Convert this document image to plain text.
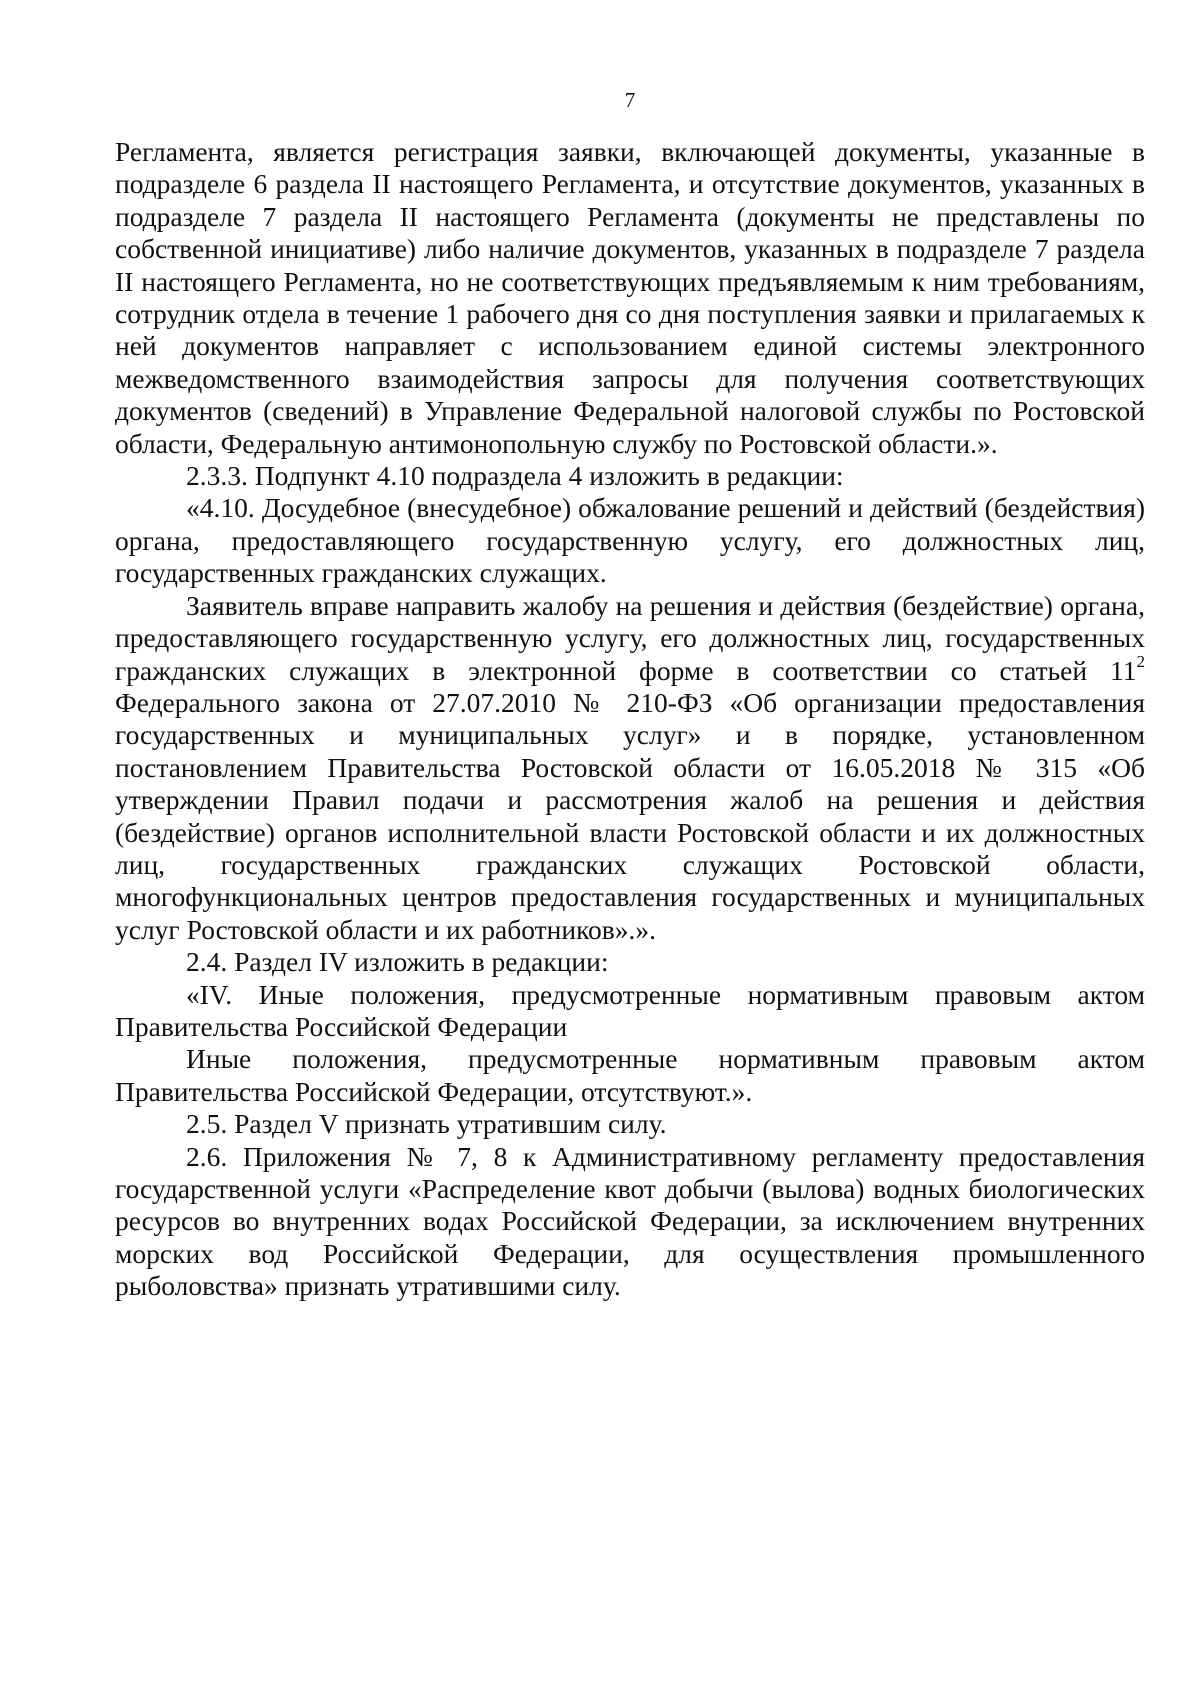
7

Регламента, является регистрация заявки, включающей документы, указанные в подразделе 6 раздела II настоящего Регламента, и отсутствие документов, указанных в подразделе 7 раздела II настоящего Регламента (документы не представлены по собственной инициативе) либо наличие документов, указанных в подразделе 7 раздела II настоящего Регламента, но не соответствующих предъявляемым к ним требованиям, сотрудник отдела в течение 1 рабочего дня со дня поступления заявки и прилагаемых к ней документов направляет с использованием единой системы электронного межведомственного взаимодействия запросы для получения соответствующих документов (сведений) в Управление Федеральной налоговой службы по Ростовской области, Федеральную антимонопольную службу по Ростовской области.».

2.3.3. Подпункт 4.10 подраздела 4 изложить в редакции:

«4.10. Досудебное (внесудебное) обжалование решений и действий (бездействия) органа, предоставляющего государственную услугу, его должностных лиц, государственных гражданских служащих.

Заявитель вправе направить жалобу на решения и действия (бездействие) органа, предоставляющего государственную услугу, его должностных лиц, государственных гражданских служащих в электронной форме в соответствии со статьей $11^2$ Федерального закона от 27.07.2010 № 210-ФЗ «Об организации предоставления государственных и муниципальных услуг» и в порядке, установленном постановлением Правительства Ростовской области от 16.05.2018 № 315 «Об утверждении Правил подачи и рассмотрения жалоб на решения и действия (бездействие) органов исполнительной власти Ростовской области и их должностных лиц, государственных гражданских служащих Ростовской области, многофункциональных центров предоставления государственных и муниципальных услуг Ростовской области и их работников».».

2.4. Раздел IV изложить в редакции:

«IV. Иные положения, предусмотренные нормативным правовым актом Правительства Российской Федерации

Иные положения, предусмотренные нормативным правовым актом Правительства Российской Федерации, отсутствуют.».

2.5. Раздел V признать утратившим силу.

2.6. Приложения № 7, 8 к Административному регламенту предоставления государственной услуги «Распределение квот добычи (вылова) водных биологических ресурсов во внутренних водах Российской Федерации, за исключением внутренних морских вод Российской Федерации, для осуществления промышленного рыболовства» признать утратившими силу.
